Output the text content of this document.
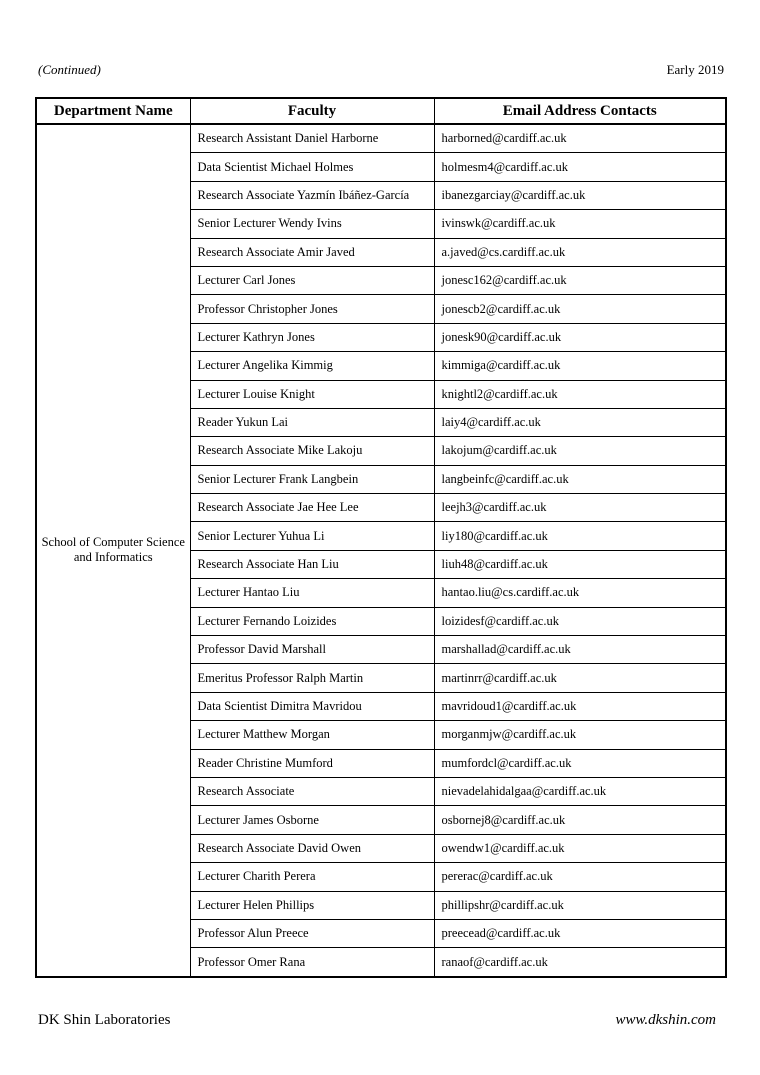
(Continued)	Early 2019
Department Name	Faculty	Email Address Contacts
School of Computer Science and Informatics	Research Assistant Daniel Harborne	harborned@cardiff.ac.uk
	Data Scientist Michael Holmes	holmesm4@cardiff.ac.uk
	Research Associate Yazmín Ibáñez-García	ibanezgarciay@cardiff.ac.uk
	Senior Lecturer Wendy Ivins	ivinswk@cardiff.ac.uk
	Research Associate Amir Javed	a.javed@cs.cardiff.ac.uk
	Lecturer Carl Jones	jonesc162@cardiff.ac.uk
	Professor Christopher Jones	jonescb2@cardiff.ac.uk
	Lecturer Kathryn Jones	jonesk90@cardiff.ac.uk
	Lecturer Angelika Kimmig	kimmiga@cardiff.ac.uk
	Lecturer Louise Knight	knightl2@cardiff.ac.uk
	Reader Yukun Lai	laiy4@cardiff.ac.uk
	Research Associate Mike Lakoju	lakojum@cardiff.ac.uk
	Senior Lecturer Frank Langbein	langbeinfc@cardiff.ac.uk
	Research Associate Jae Hee Lee	leejh3@cardiff.ac.uk
	Senior Lecturer Yuhua Li	liy180@cardiff.ac.uk
	Research Associate Han Liu	liuh48@cardiff.ac.uk
	Lecturer Hantao Liu	hantao.liu@cs.cardiff.ac.uk
	Lecturer Fernando Loizides	loizidesf@cardiff.ac.uk
	Professor David Marshall	marshallad@cardiff.ac.uk
	Emeritus Professor Ralph Martin	martinrr@cardiff.ac.uk
	Data Scientist Dimitra Mavridou	mavridoud1@cardiff.ac.uk
	Lecturer Matthew Morgan	morganmjw@cardiff.ac.uk
	Reader Christine Mumford	mumfordcl@cardiff.ac.uk
	Research Associate	nievadelahidalgaa@cardiff.ac.uk
	Lecturer James Osborne	osbornej8@cardiff.ac.uk
	Research Associate David Owen	owendw1@cardiff.ac.uk
	Lecturer Charith Perera	pererac@cardiff.ac.uk
	Lecturer Helen Phillips	phillipshr@cardiff.ac.uk
	Professor Alun Preece	preecead@cardiff.ac.uk
	Professor Omer Rana	ranaof@cardiff.ac.uk
DK Shin Laboratories	www.dkshin.com
